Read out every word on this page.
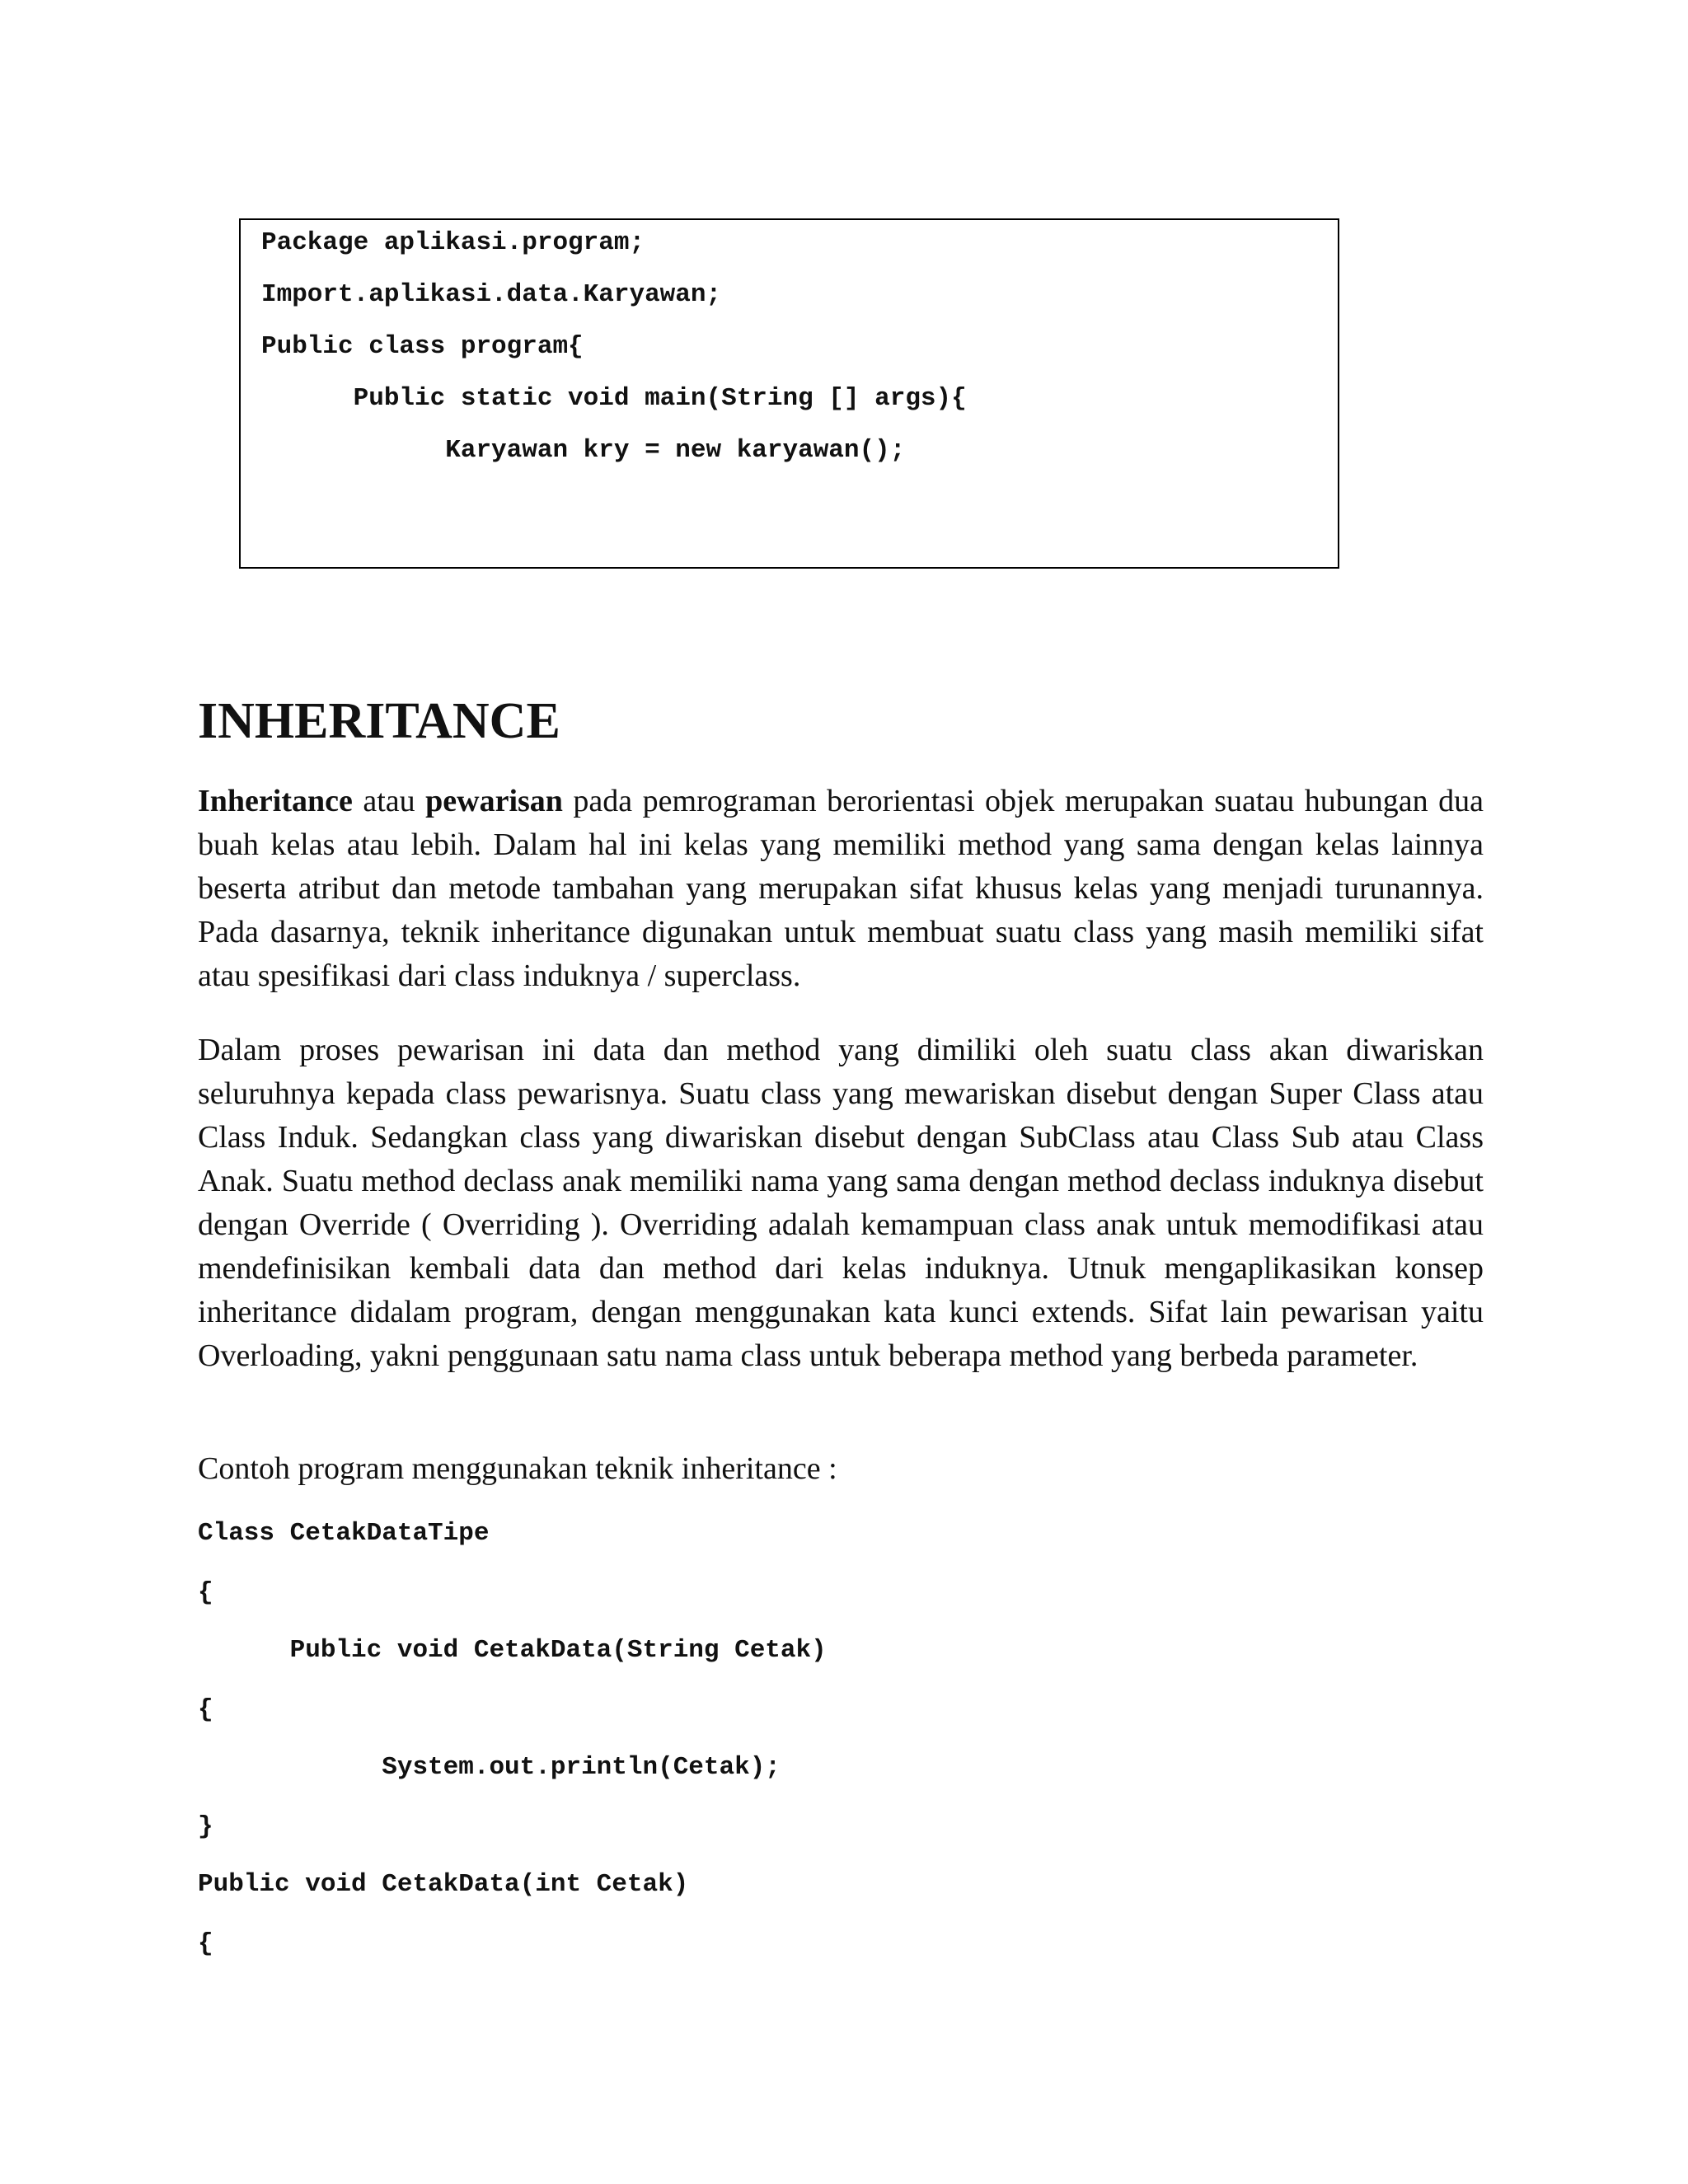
Package aplikasi.program;
Import.aplikasi.data.Karyawan;
Public class program{
Public static void main(String [] args){
Karyawan kry = new karyawan();
INHERITANCE

Inheritance atau pewarisan pada pemrograman berorientasi objek merupakan suatau hubungan dua buah kelas atau lebih. Dalam hal ini kelas yang memiliki method yang sama dengan kelas lainnya beserta atribut dan metode tambahan yang merupakan sifat khusus kelas yang menjadi turunannya. Pada dasarnya, teknik inheritance digunakan untuk membuat suatu class yang masih memiliki sifat atau spesifikasi dari class induknya / superclass.

Dalam proses pewarisan ini data dan method yang dimiliki oleh suatu class akan diwariskan seluruhnya kepada class pewarisnya. Suatu class yang mewariskan disebut dengan Super Class atau Class Induk. Sedangkan class yang diwariskan disebut dengan SubClass atau Class Sub atau Class Anak. Suatu method declass anak memiliki nama yang sama dengan method declass induknya disebut dengan Override ( Overriding ). Overriding adalah kemampuan class anak untuk memodifikasi atau mendefinisikan kembali data dan method dari kelas induknya. Utnuk mengaplikasikan konsep inheritance didalam program, dengan menggunakan kata kunci extends. Sifat lain pewarisan yaitu Overloading, yakni penggunaan satu nama class untuk beberapa method yang berbeda parameter.

Contoh program menggunakan teknik inheritance :

Class CetakDataTipe
{
Public void CetakData(String Cetak)
{
System.out.println(Cetak);
}
Public void CetakData(int Cetak)
{
